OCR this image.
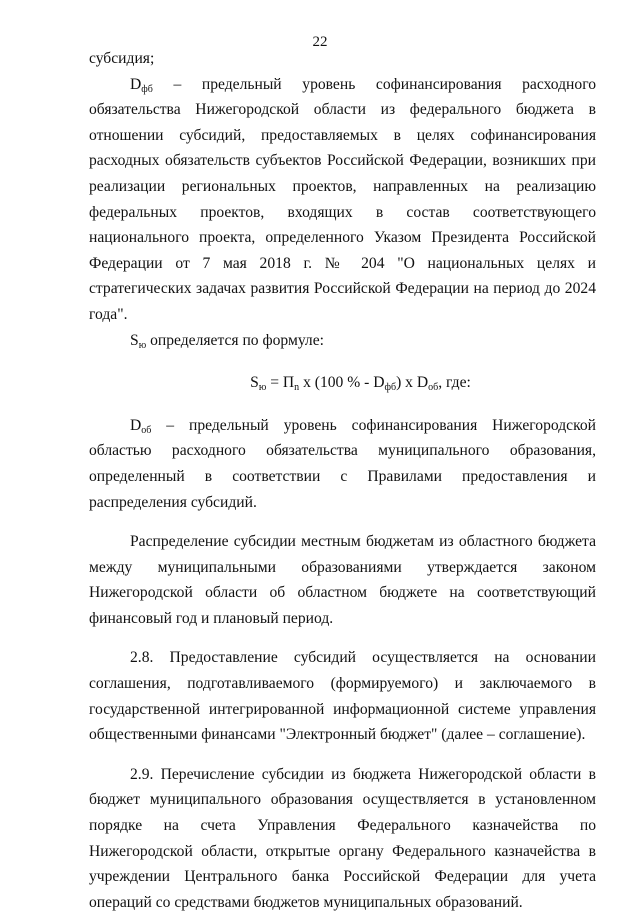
22

субсидия;

$D_{фб}$ – предельный уровень софинансирования расходного обязательства Нижегородской области из федерального бюджета в отношении субсидий, предоставляемых в целях софинансирования расходных обязательств субъектов Российской Федерации, возникших при реализации региональных проектов, направленных на реализацию федеральных проектов, входящих в состав соответствующего национального проекта, определенного Указом Президента Российской Федерации от 7 мая 2018 г. № 204 "О национальных целях и стратегических задачах развития Российской Федерации на период до 2024 года".

$S_ю$ определяется по формуле:

$S_ю = П_n$ x (100 % - $D_{фб}$) x $D_{об}$, где:

$D_{об}$ – предельный уровень софинансирования Нижегородской областью расходного обязательства муниципального образования, определенный в соответствии с Правилами предоставления и распределения субсидий.

Распределение субсидии местным бюджетам из областного бюджета между муниципальными образованиями утверждается законом Нижегородской области об областном бюджете на соответствующий финансовый год и плановый период.

2.8. Предоставление субсидий осуществляется на основании соглашения, подготавливаемого (формируемого) и заключаемого в государственной интегрированной информационной системе управления общественными финансами "Электронный бюджет" (далее – соглашение).

2.9. Перечисление субсидии из бюджета Нижегородской области в бюджет муниципального образования осуществляется в установленном порядке на счета Управления Федерального казначейства по Нижегородской области, открытые органу Федерального казначейства в учреждении Центрального банка Российской Федерации для учета операций со средствами бюджетов муниципальных образований.
